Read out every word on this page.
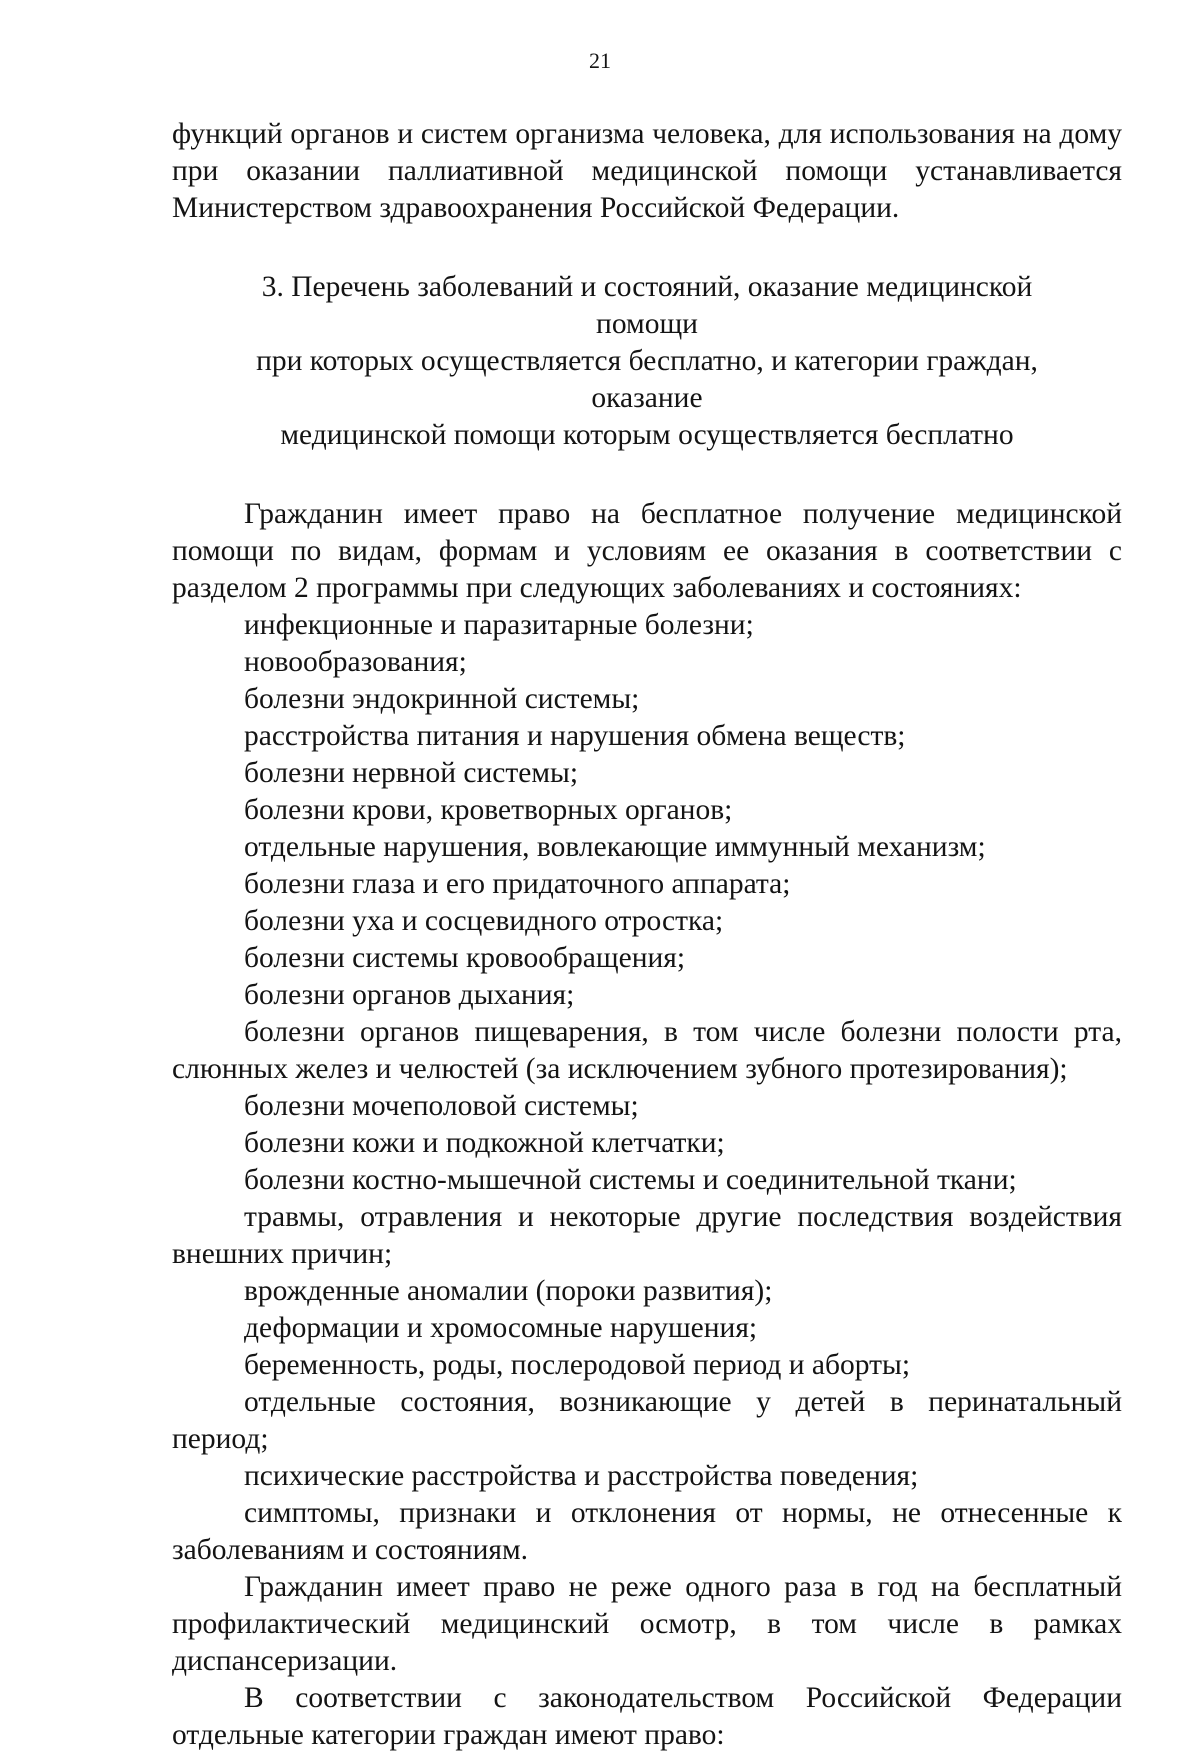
21

функций органов и систем организма человека, для использования на дому при оказании паллиативной медицинской помощи устанавливается Министерством здравоохранения Российской Федерации.

3. Перечень заболеваний и состояний, оказание медицинской помощи
при которых осуществляется бесплатно, и категории граждан, оказание
медицинской помощи которым осуществляется бесплатно

Гражданин имеет право на бесплатное получение медицинской помощи по видам, формам и условиям ее оказания в соответствии с разделом 2 программы при следующих заболеваниях и состояниях:

инфекционные и паразитарные болезни;
новообразования;
болезни эндокринной системы;
расстройства питания и нарушения обмена веществ;
болезни нервной системы;
болезни крови, кроветворных органов;
отдельные нарушения, вовлекающие иммунный механизм;
болезни глаза и его придаточного аппарата;
болезни уха и сосцевидного отростка;
болезни системы кровообращения;
болезни органов дыхания;
болезни органов пищеварения, в том числе болезни полости рта, слюнных желез и челюстей (за исключением зубного протезирования);
болезни мочеполовой системы;
болезни кожи и подкожной клетчатки;
болезни костно-мышечной системы и соединительной ткани;
травмы, отравления и некоторые другие последствия воздействия внешних причин;
врожденные аномалии (пороки развития);
деформации и хромосомные нарушения;
беременность, роды, послеродовой период и аборты;
отдельные состояния, возникающие у детей в перинатальный период;
психические расстройства и расстройства поведения;
симптомы, признаки и отклонения от нормы, не отнесенные к заболеваниям и состояниям.

Гражданин имеет право не реже одного раза в год на бесплатный профилактический медицинский осмотр, в том числе в рамках диспансеризации.

В соответствии с законодательством Российской Федерации отдельные категории граждан имеют право:
